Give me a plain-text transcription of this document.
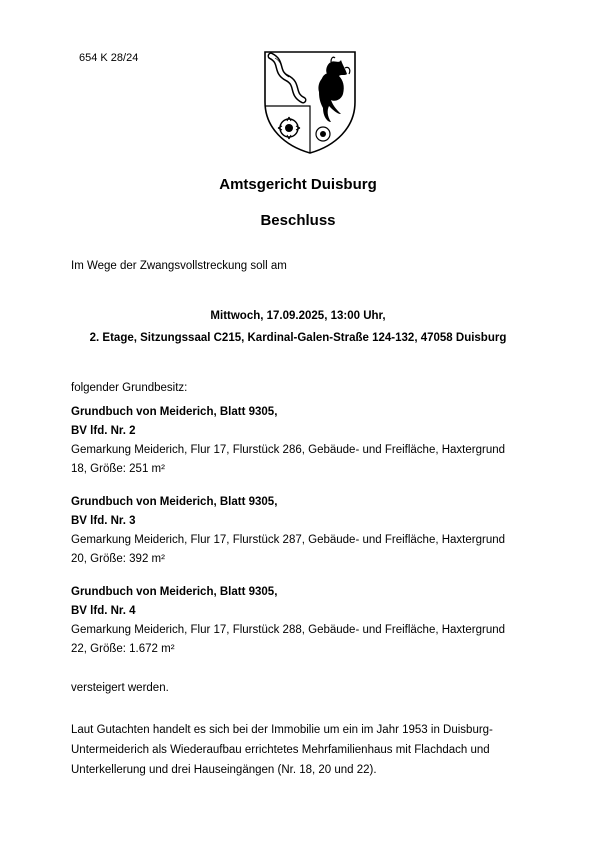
654 K 28/24
Amtsgericht Duisburg
Beschluss
Im Wege der Zwangsvollstreckung soll am
Mittwoch, 17.09.2025, 13:00 Uhr,
2. Etage, Sitzungssaal C215, Kardinal-Galen-Straße 124-132, 47058 Duisburg
folgender Grundbesitz:
Grundbuch von Meiderich, Blatt 9305,
BV lfd. Nr. 2
Gemarkung Meiderich, Flur 17, Flurstück 286, Gebäude- und Freifläche, Haxtergrund
18, Größe: 251 m²
Grundbuch von Meiderich, Blatt 9305,
BV lfd. Nr. 3
Gemarkung Meiderich, Flur 17, Flurstück 287, Gebäude- und Freifläche, Haxtergrund
20, Größe: 392 m²
Grundbuch von Meiderich, Blatt 9305,
BV lfd. Nr. 4
Gemarkung Meiderich, Flur 17, Flurstück 288, Gebäude- und Freifläche, Haxtergrund
22, Größe: 1.672 m²
versteigert werden.
Laut Gutachten handelt es sich bei der Immobilie um ein im Jahr 1953 in Duisburg-
Untermeiderich als Wiederaufbau errichtetes Mehrfamilienhaus mit Flachdach und
Unterkellerung und drei Hauseingängen (Nr. 18, 20 und 22).
